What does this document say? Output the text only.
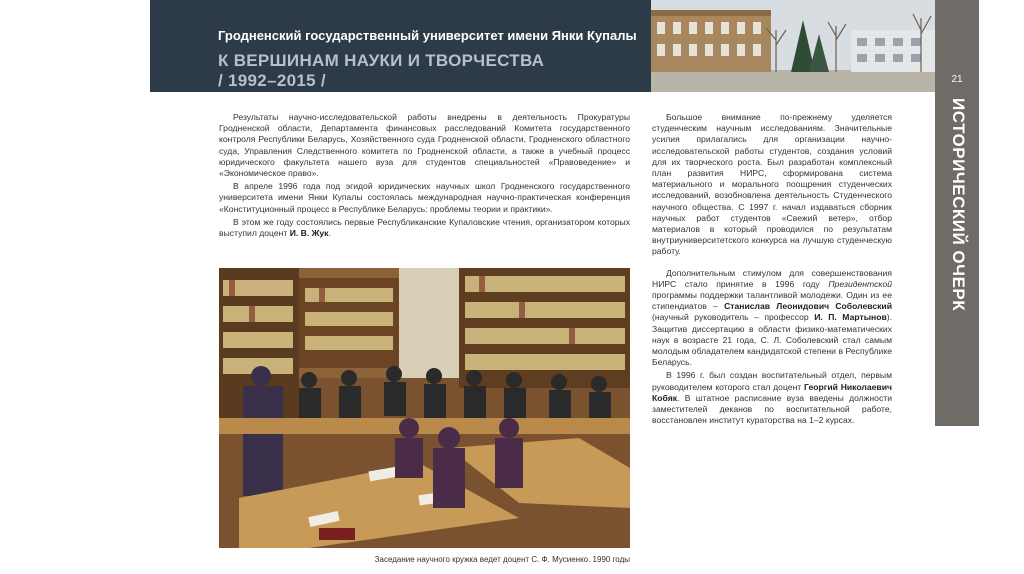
Гродненский государственный университет имени Янки Купалы
К ВЕРШИНАМ НАУКИ И ТВОРЧЕСТВА
/ 1992–2015 /	21
ИСТОРИЧЕСКИЙ ОЧЕРК

Результаты научно-исследовательской работы внедрены в деятельность Прокуратуры Гродненской области, Департамента финансовых расследований Комитета государственного контроля Республики Беларусь, Хозяйственного суда Гродненской области, Гродненского областного суда, Управления Следственного комитета по Гродненской области, а также в учебный процесс юридического факультета нашего вуза для студентов специальностей «Правоведение» и «Экономическое право».

В апреле 1996 года под эгидой юридических научных школ Гродненского государственного университета имени Янки Купалы состоялась международная научно-практическая конференция «Конституционный процесс в Республике Беларусь: проблемы теории и практики».

В этом же году состоялись первые Республиканские Купаловские чтения, организатором которых выступил доцент И. В. Жук.

Заседание научного кружка ведет доцент С. Ф. Мусиенко. 1990 годы

Большое внимание по-прежнему уделяется студенческим научным исследованиям. Значительные усилия прилагались для организации научно-исследовательской работы студентов, создания условий для их творческого роста. Был разработан комплексный план развития НИРС, сформирована система материального и морального поощрения студенческих исследований, возобновлена деятельность Студенческого научного общества. С 1997 г. начал издаваться сборник научных работ студентов «Свежий ветер», отбор материалов в который проводился по результатам внутриуниверситетского конкурса на лучшую студенческую работу.

Дополнительным стимулом для совершенствования НИРС стало принятие в 1996 году Президентской программы поддержки талантливой молодежи. Один из ее стипендиатов – Станислав Леонидович Соболевский (научный руководитель – профессор И. П. Мартынов). Защитив диссертацию в области физико-математических наук в возрасте 21 года, С. Л. Соболевский стал самым молодым обладателем кандидатской степени в Республике Беларусь.

В 1996 г. был создан воспитательный отдел, первым руководителем которого стал доцент Георгий Николаевич Кобяк. В штатное расписание вуза введены должности заместителей деканов по воспитательной работе, восстановлен институт кураторства на 1–2 курсах.
